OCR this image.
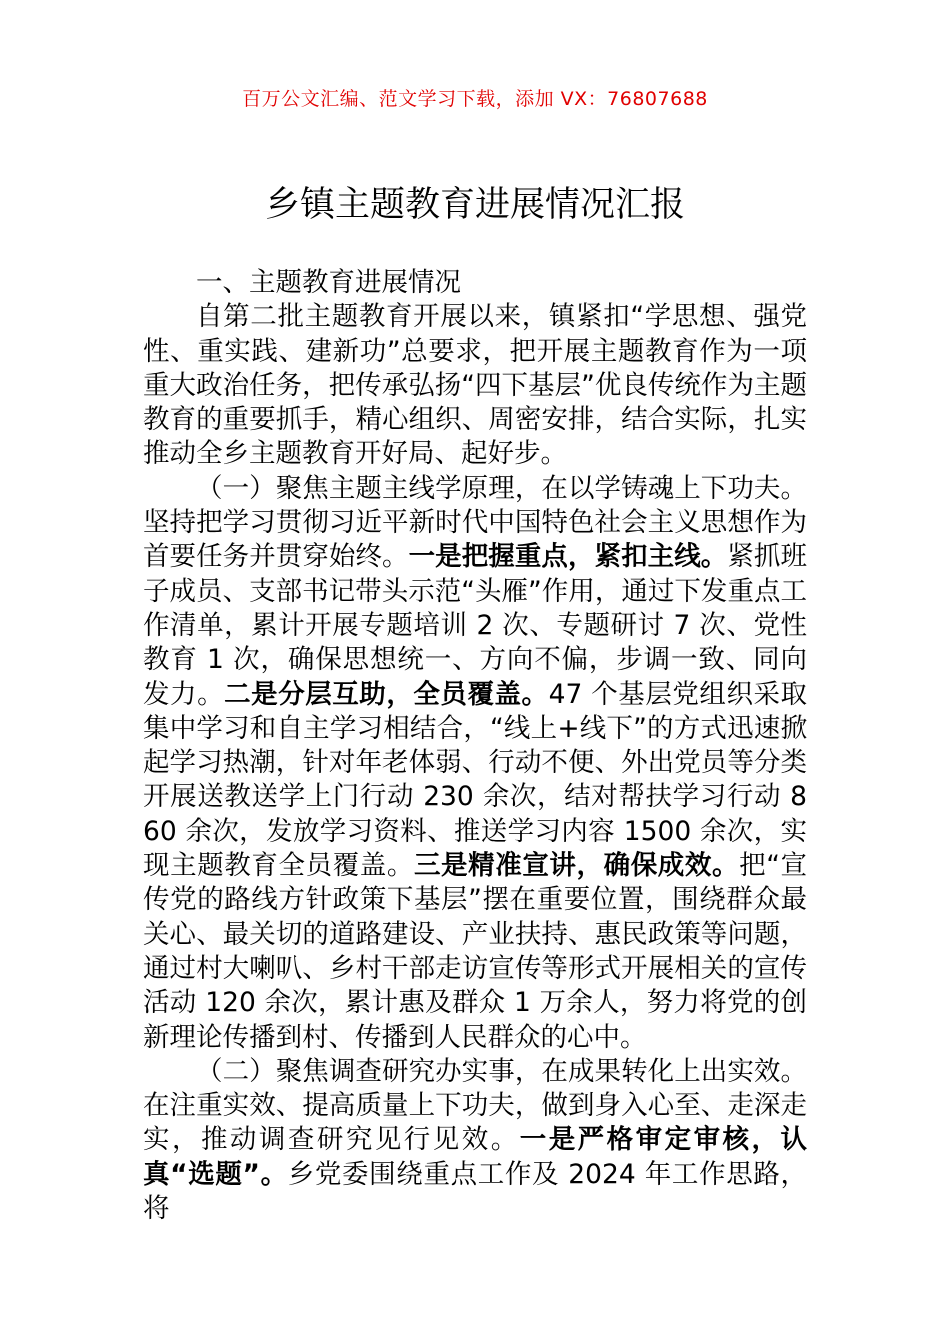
百万公文汇编、范文学习下载，添加 VX：76807688
乡镇主题教育进展情况汇报

一、主题教育进展情况

自第二批主题教育开展以来，镇紧扣“学思想、强党性、重实践、建新功”总要求，把开展主题教育作为一项重大政治任务，把传承弘扬“四下基层”优良传统作为主题教育的重要抓手，精心组织、周密安排，结合实际，扎实推动全乡主题教育开好局、起好步。

（一）聚焦主题主线学原理，在以学铸魂上下功夫。坚持把学习贯彻习近平新时代中国特色社会主义思想作为首要任务并贯穿始终。一是把握重点，紧扣主线。紧抓班子成员、支部书记带头示范“头雁”作用，通过下发重点工作清单，累计开展专题培训 2 次、专题研讨 7 次、党性教育 1 次，确保思想统一、方向不偏，步调一致、同向发力。二是分层互助，全员覆盖。47 个基层党组织采取集中学习和自主学习相结合，“线上+线下”的方式迅速掀起学习热潮，针对年老体弱、行动不便、外出党员等分类开展送教送学上门行动 230 余次，结对帮扶学习行动 860 余次，发放学习资料、推送学习内容 1500 余次，实现主题教育全员覆盖。三是精准宣讲，确保成效。把“宣传党的路线方针政策下基层”摆在重要位置，围绕群众最关心、最关切的道路建设、产业扶持、惠民政策等问题，通过村大喇叭、乡村干部走访宣传等形式开展相关的宣传活动 120 余次，累计惠及群众 1 万余人，努力将党的创新理论传播到村、传播到人民群众的心中。

（二）聚焦调查研究办实事，在成果转化上出实效。在注重实效、提高质量上下功夫，做到身入心至、走深走实，推动调查研究见行见效。一是严格审定审核，认真“选题”。乡党委围绕重点工作及 2024 年工作思路，将
